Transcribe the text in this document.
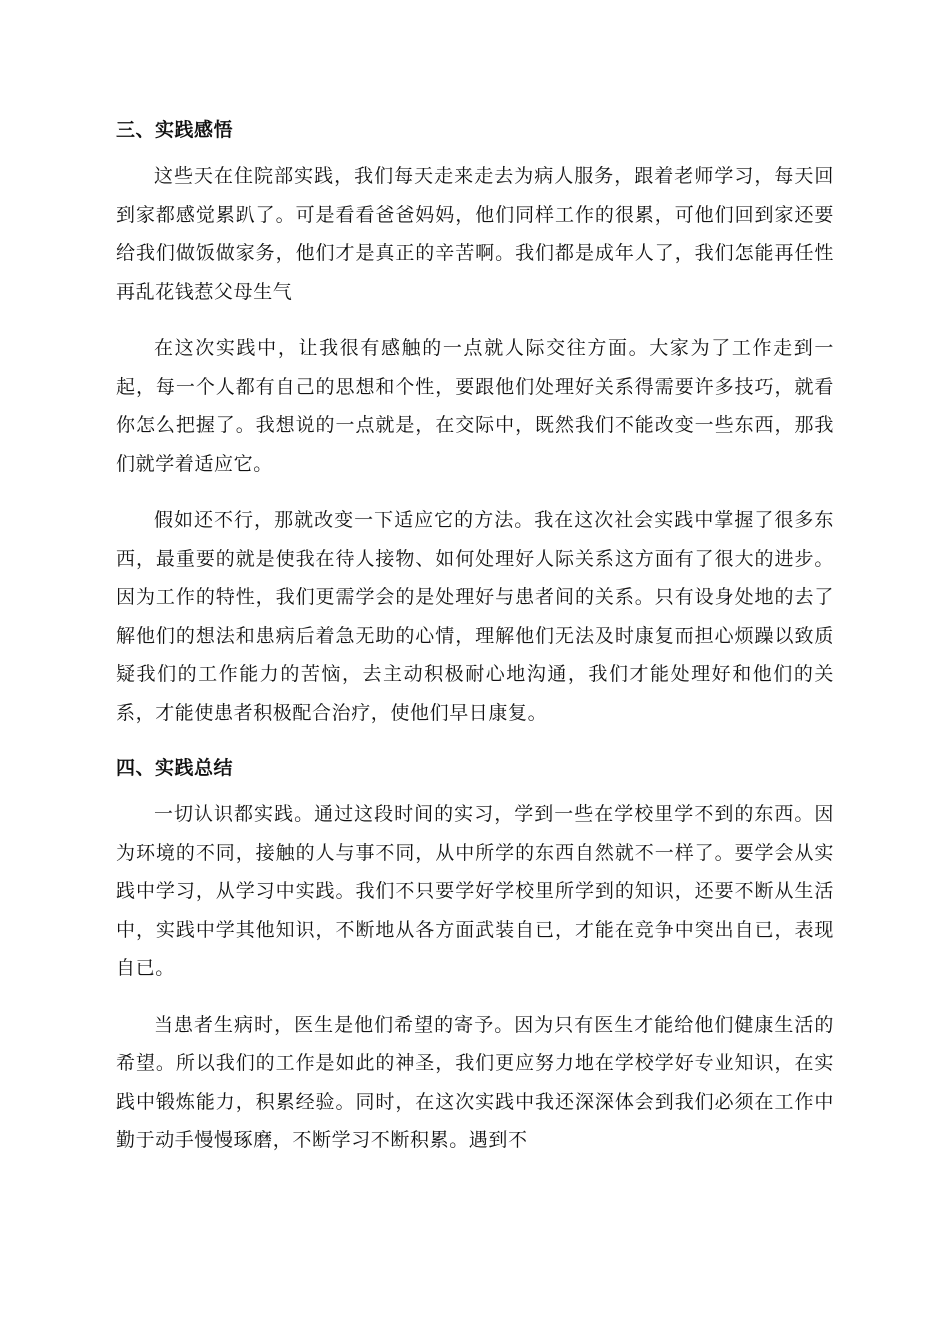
三、实践感悟

这些天在住院部实践，我们每天走来走去为病人服务，跟着老师学习，每天回到家都感觉累趴了。可是看看爸爸妈妈，他们同样工作的很累，可他们回到家还要给我们做饭做家务，他们才是真正的辛苦啊。我们都是成年人了，我们怎能再任性再乱花钱惹父母生气

在这次实践中，让我很有感触的一点就人际交往方面。大家为了工作走到一起，每一个人都有自己的思想和个性，要跟他们处理好关系得需要许多技巧，就看你怎么把握了。我想说的一点就是，在交际中，既然我们不能改变一些东西，那我们就学着适应它。

假如还不行，那就改变一下适应它的方法。我在这次社会实践中掌握了很多东西，最重要的就是使我在待人接物、如何处理好人际关系这方面有了很大的进步。因为工作的特性，我们更需学会的是处理好与患者间的关系。只有设身处地的去了解他们的想法和患病后着急无助的心情，理解他们无法及时康复而担心烦躁以致质疑我们的工作能力的苦恼，去主动积极耐心地沟通，我们才能处理好和他们的关系，才能使患者积极配合治疗，使他们早日康复。

四、实践总结

一切认识都实践。通过这段时间的实习，学到一些在学校里学不到的东西。因为环境的不同，接触的人与事不同，从中所学的东西自然就不一样了。要学会从实践中学习，从学习中实践。我们不只要学好学校里所学到的知识，还要不断从生活中，实践中学其他知识，不断地从各方面武装自已，才能在竞争中突出自已，表现自已。

当患者生病时，医生是他们希望的寄予。因为只有医生才能给他们健康生活的希望。所以我们的工作是如此的神圣，我们更应努力地在学校学好专业知识，在实践中锻炼能力，积累经验。同时，在这次实践中我还深深体会到我们必须在工作中勤于动手慢慢琢磨，不断学习不断积累。遇到不
